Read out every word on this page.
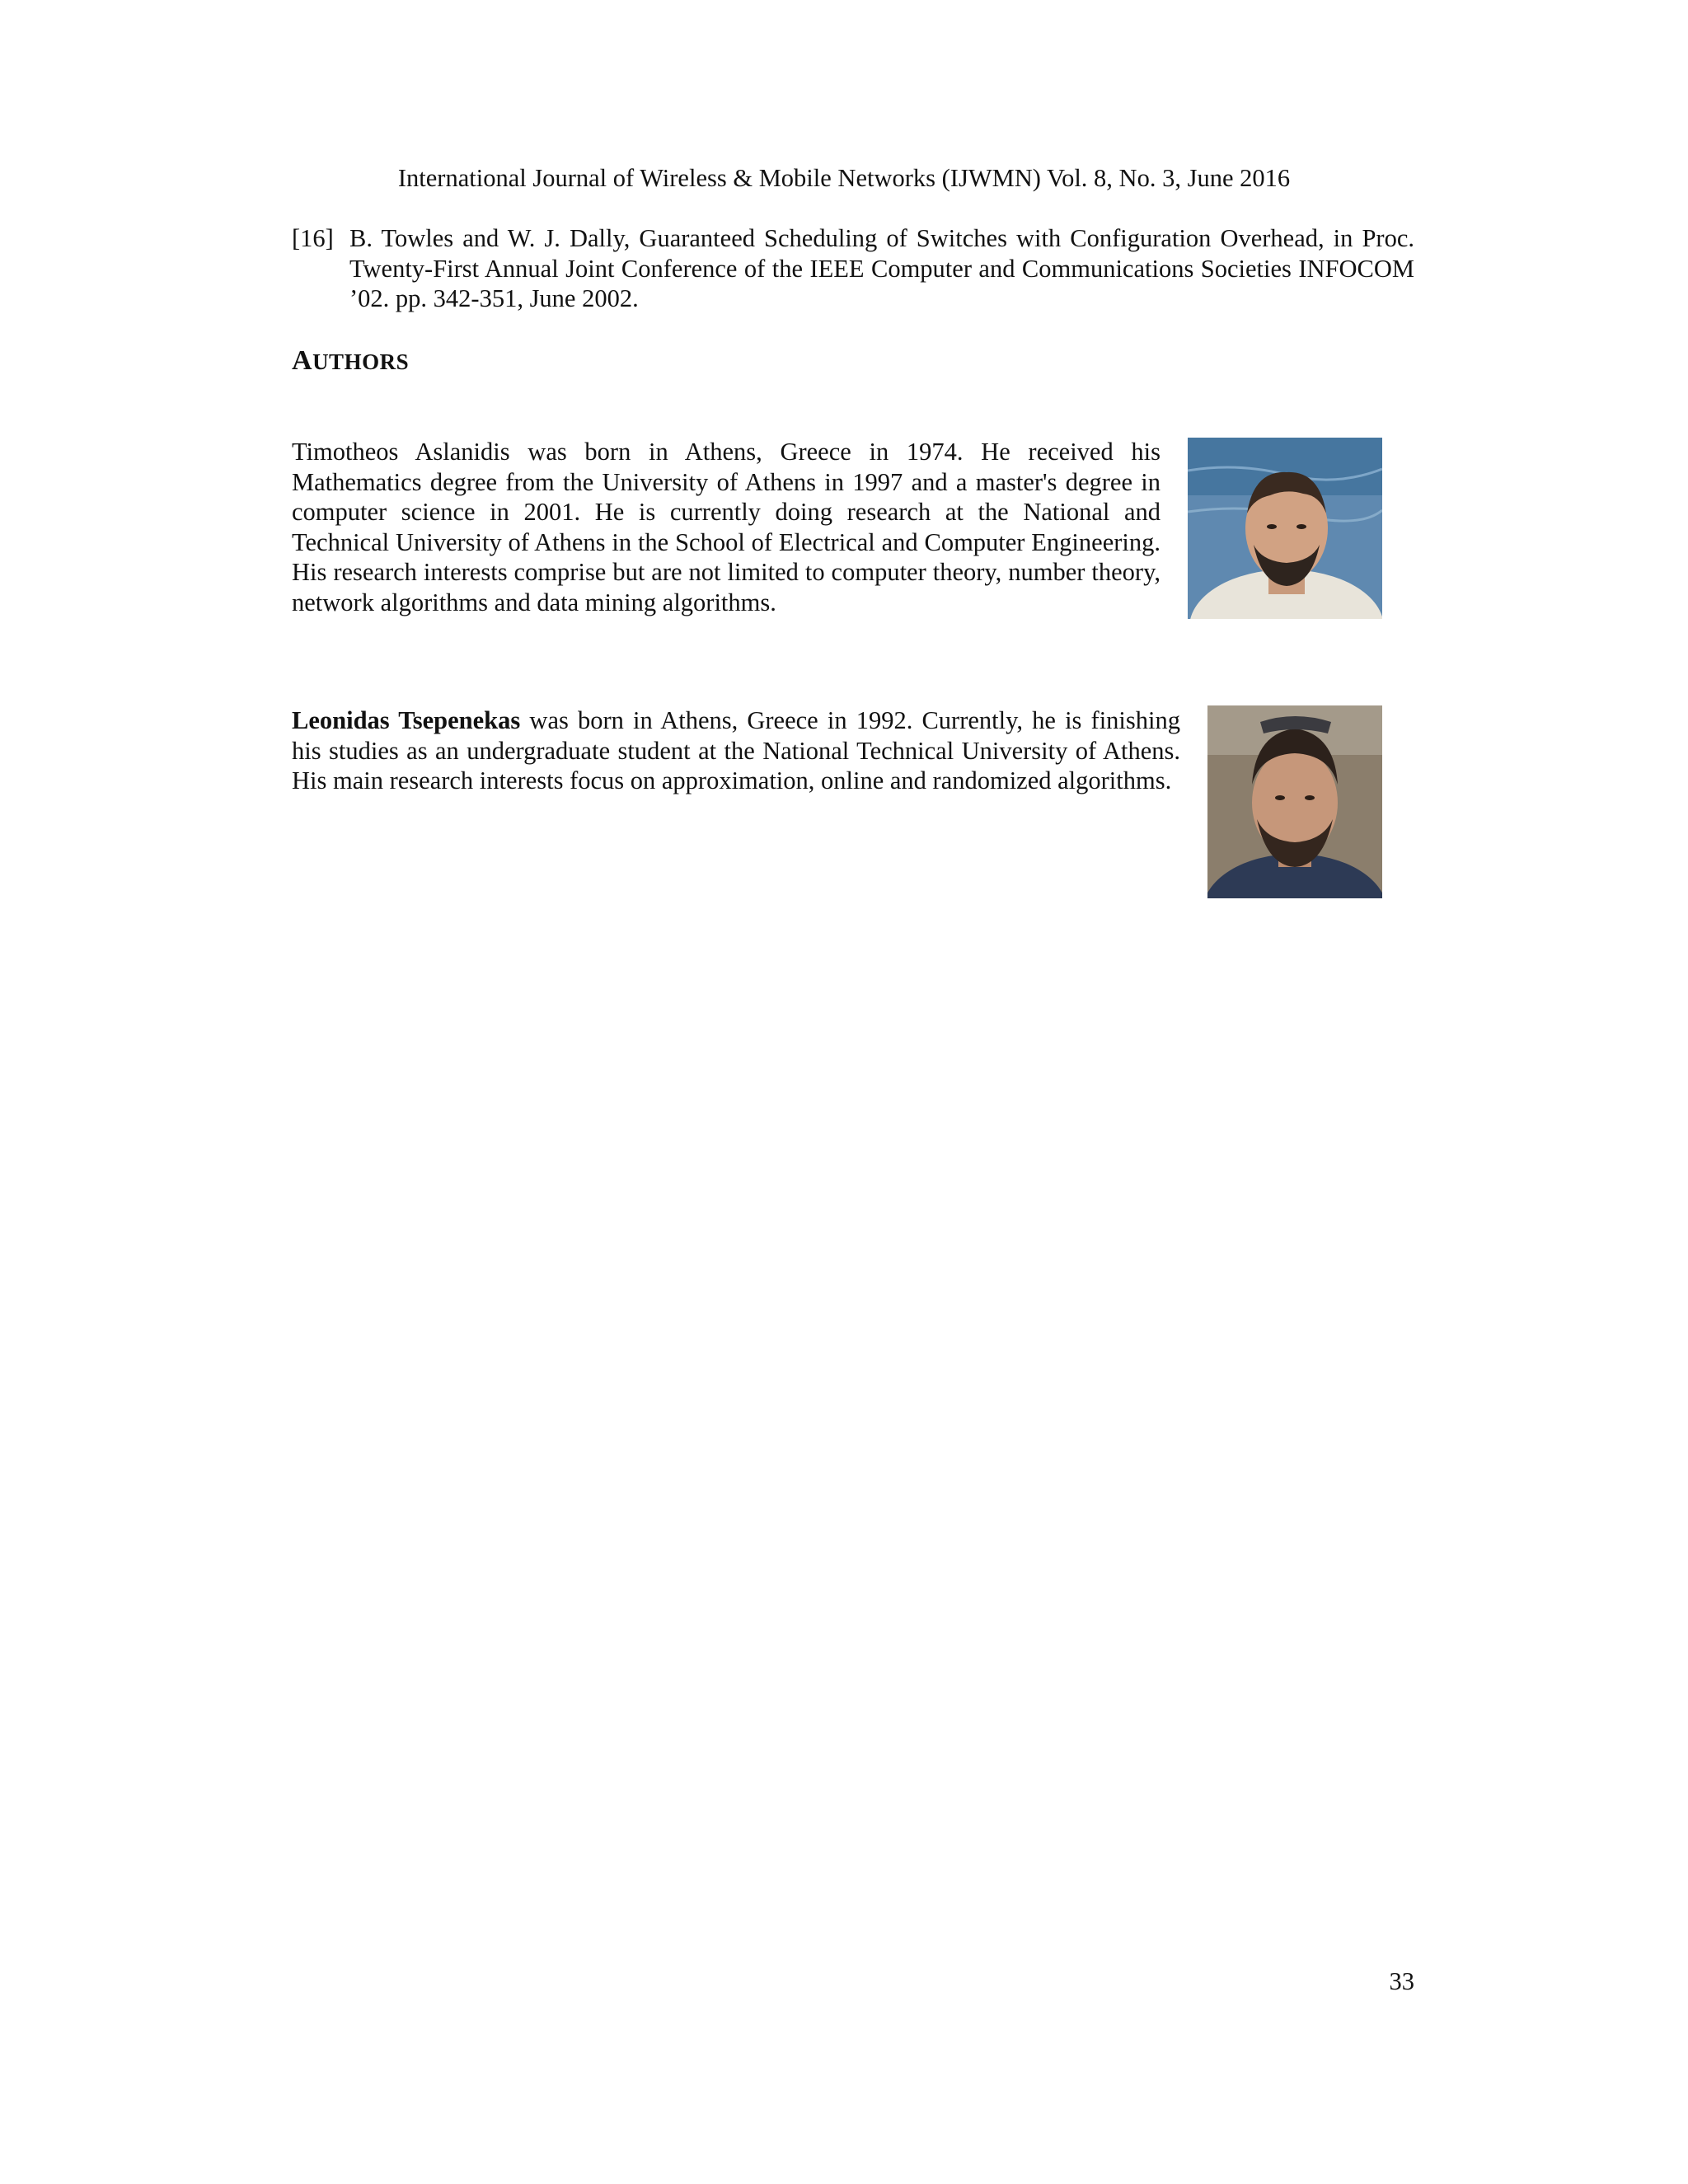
International Journal of Wireless & Mobile Networks (IJWMN) Vol. 8, No. 3, June 2016
[16] B. Towles and W. J. Dally, Guaranteed Scheduling of Switches with Configuration Overhead, in Proc. Twenty-First Annual Joint Conference of the IEEE Computer and Communications Societies INFOCOM ’02. pp. 342-351, June 2002.
AUTHORS
Timotheos Aslanidis was born in Athens, Greece in 1974. He received his Mathematics degree from the University of Athens in 1997 and a master's degree in computer science in 2001. He is currently doing research at the National and Technical University of Athens in the School of Electrical and Computer Engineering. His research interests comprise but are not limited to computer theory, number theory, network algorithms and data mining algorithms.
Leonidas Tsepenekas was born in Athens, Greece in 1992. Currently, he is finishing his studies as an undergraduate student at the National Technical University of Athens. His main research interests focus on approximation, online and randomized algorithms.
33
